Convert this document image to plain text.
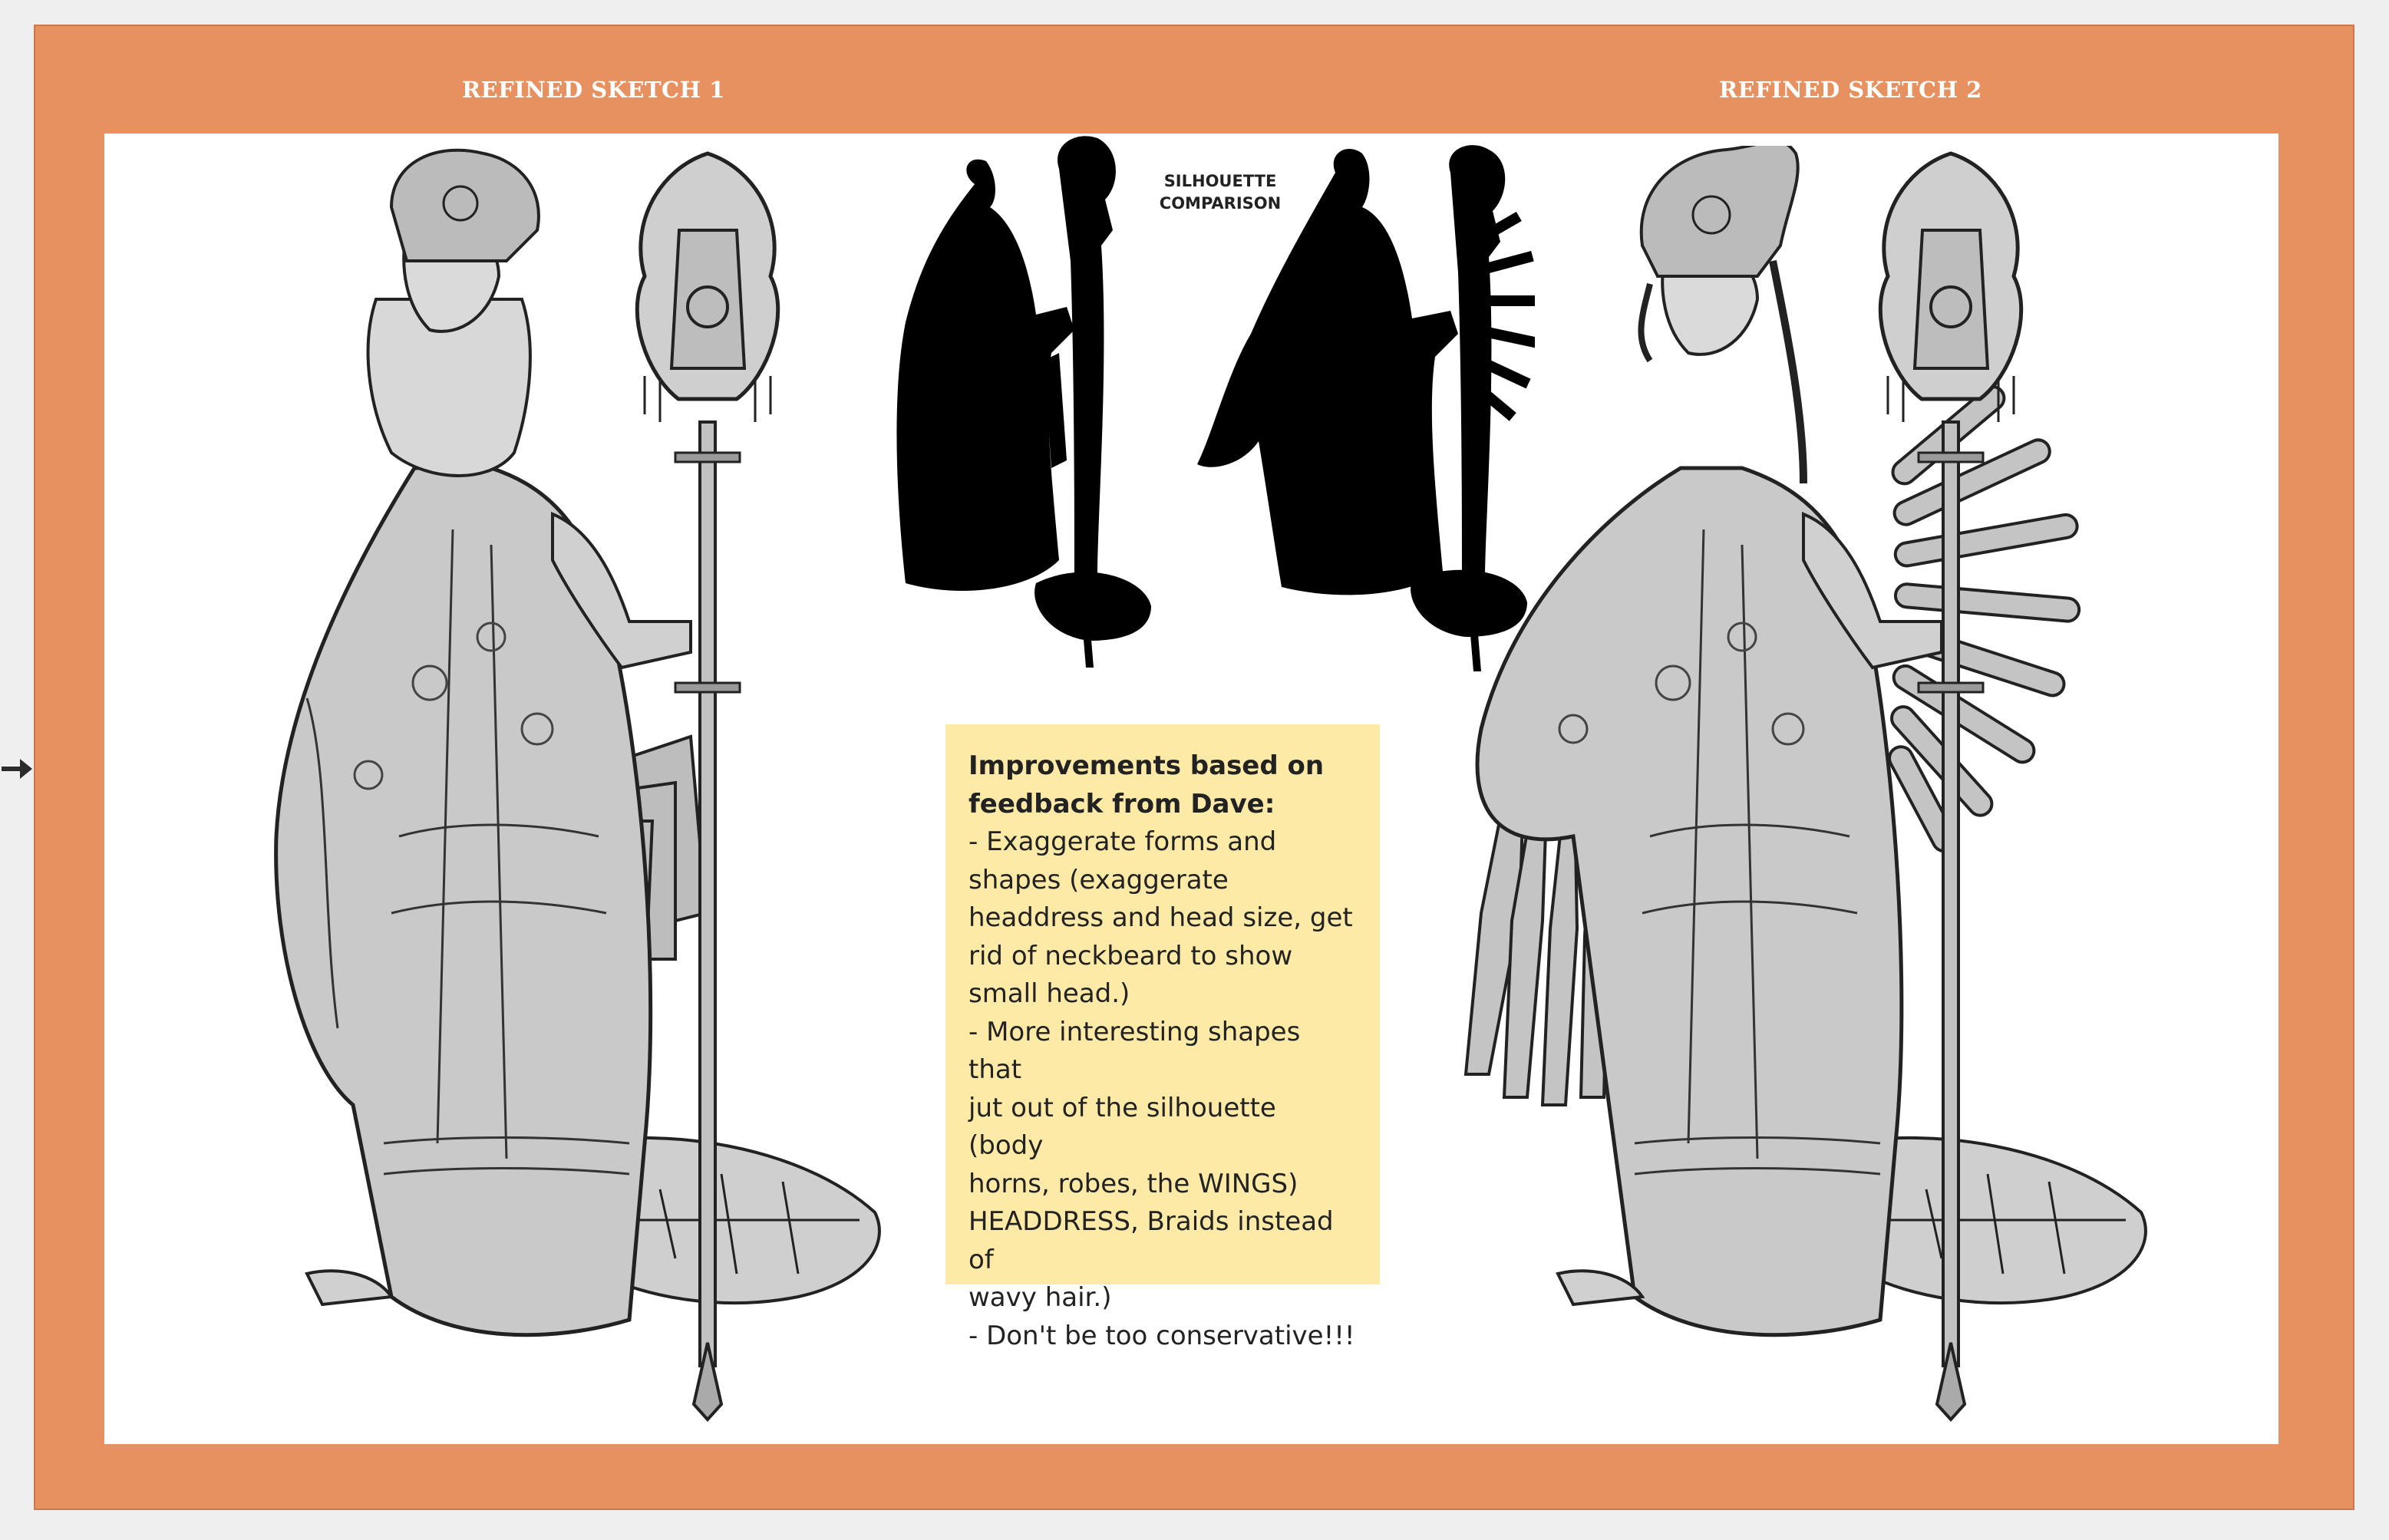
REFINED SKETCH 1	REFINED SKETCH 2
SILHOUETTE
COMPARISON
Improvements based on
feedback from Dave:
- Exaggerate forms and
shapes (exaggerate
headdress and head size, get
rid of neckbeard to show
small head.)
- More interesting shapes that
jut out of the silhouette (body
horns, robes, the WINGS)
HEADDRESS, Braids instead of
wavy hair.)
- Don't be too conservative!!!
